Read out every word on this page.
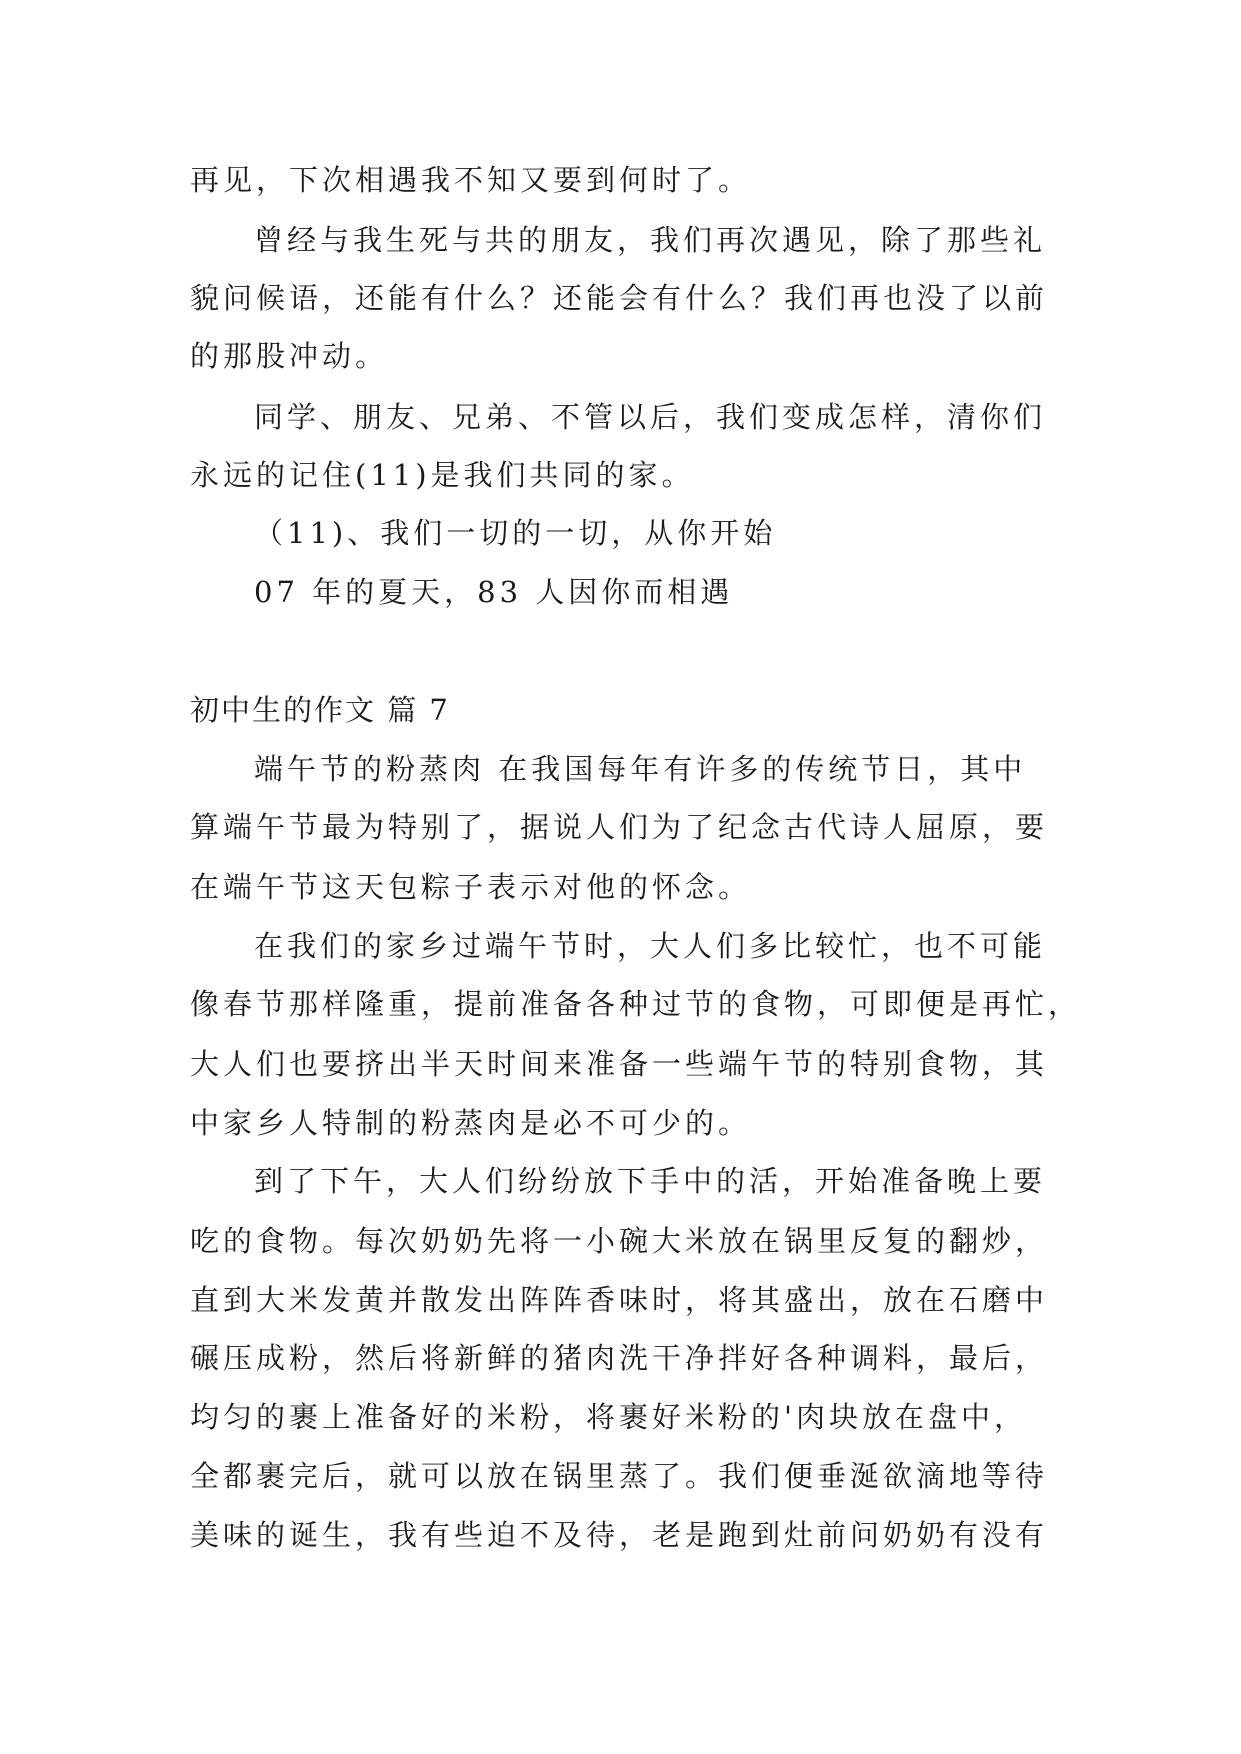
再见，下次相遇我不知又要到何时了。
曾经与我生死与共的朋友，我们再次遇见，除了那些礼
貌问候语，还能有什么？还能会有什么？我们再也没了以前
的那股冲动。
同学、朋友、兄弟、不管以后，我们变成怎样，清你们
永远的记住(11)是我们共同的家。
（11)、我们一切的一切，从你开始
07 年的夏天，83 人因你而相遇
初中生的作文 篇 7
端午节的粉蒸肉 在我国每年有许多的传统节日，其中
算端午节最为特别了，据说人们为了纪念古代诗人屈原，要
在端午节这天包粽子表示对他的怀念。
在我们的家乡过端午节时，大人们多比较忙，也不可能
像春节那样隆重，提前准备各种过节的食物，可即便是再忙，
大人们也要挤出半天时间来准备一些端午节的特别食物，其
中家乡人特制的粉蒸肉是必不可少的。
到了下午，大人们纷纷放下手中的活，开始准备晚上要
吃的食物。每次奶奶先将一小碗大米放在锅里反复的翻炒，
直到大米发黄并散发出阵阵香味时，将其盛出，放在石磨中
碾压成粉，然后将新鲜的猪肉洗干净拌好各种调料，最后，
均匀的裹上准备好的米粉，将裹好米粉的'肉块放在盘中，
全都裹完后，就可以放在锅里蒸了。我们便垂涎欲滴地等待
美味的诞生，我有些迫不及待，老是跑到灶前问奶奶有没有
